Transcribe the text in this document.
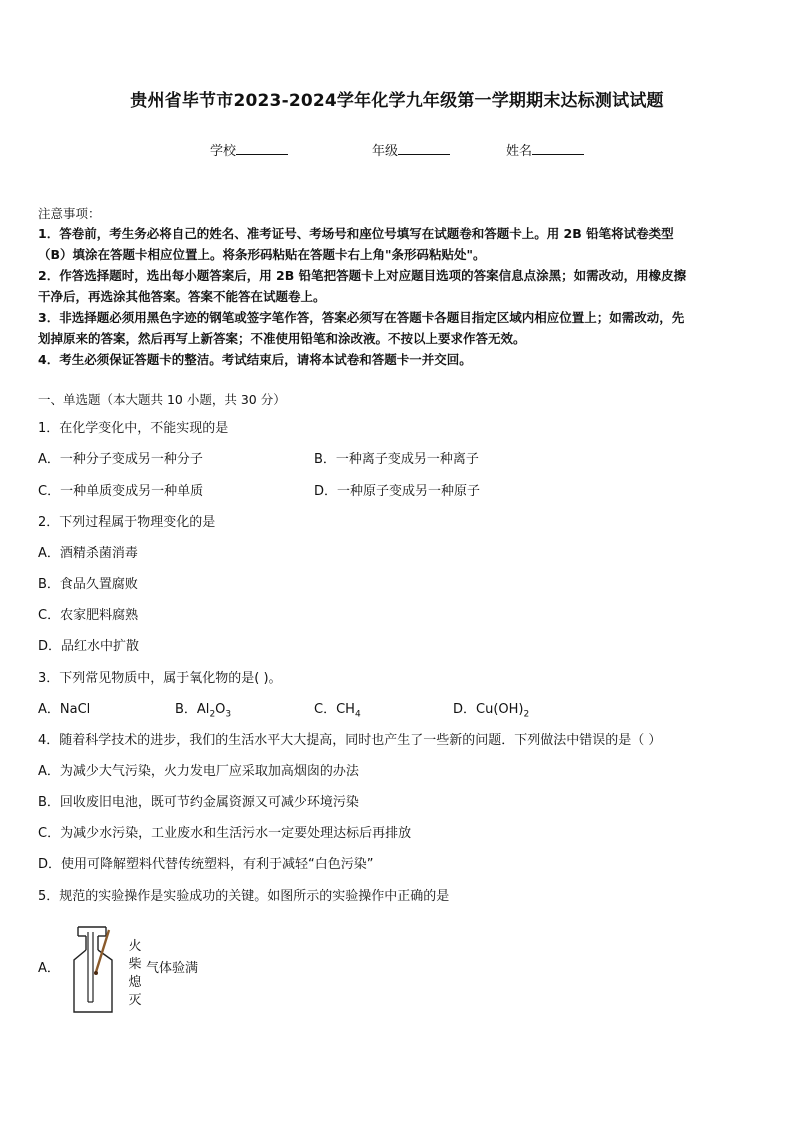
贵州省毕节市2023-2024学年化学九年级第一学期期末达标测试试题
学校	年级	姓名
注意事项：
1．答卷前，考生务必将自己的姓名、准考证号、考场号和座位号填写在试题卷和答题卡上。用 2B 铅笔将试卷类型
（B）填涂在答题卡相应位置上。将条形码粘贴在答题卡右上角"条形码粘贴处"。
2．作答选择题时，选出每小题答案后，用 2B 铅笔把答题卡上对应题目选项的答案信息点涂黑；如需改动，用橡皮擦
干净后，再选涂其他答案。答案不能答在试题卷上。
3．非选择题必须用黑色字迹的钢笔或签字笔作答，答案必须写在答题卡各题目指定区域内相应位置上；如需改动，先
划掉原来的答案，然后再写上新答案；不准使用铅笔和涂改液。不按以上要求作答无效。
4．考生必须保证答题卡的整洁。考试结束后，请将本试卷和答题卡一并交回。
一、单选题（本大题共 10 小题，共 30 分）
1．在化学变化中，不能实现的是
A．一种分子变成另一种分子	B．一种离子变成另一种离子
C．一种单质变成另一种单质	D．一种原子变成另一种原子
2．下列过程属于物理变化的是
A．酒精杀菌消毒
B．食品久置腐败
C．农家肥料腐熟
D．品红水中扩散
3．下列常见物质中，属于氧化物的是( )。
A．NaCl	B．$Al_2O_3$	C．$CH_4$	D．$Cu(OH)_2$
4．随着科学技术的进步，我们的生活水平大大提高，同时也产生了一些新的问题．下列做法中错误的是（ ）
A．为减少大气污染，火力发电厂应采取加高烟囱的办法
B．回收废旧电池，既可节约金属资源又可减少环境污染
C．为减少水污染，工业废水和生活污水一定要处理达标后再排放
D．使用可降解塑料代替传统塑料，有利于减轻“白色污染”
5．规范的实验操作是实验成功的关键。如图所示的实验操作中正确的是
A．
火
柴
熄
灭
气体验满
